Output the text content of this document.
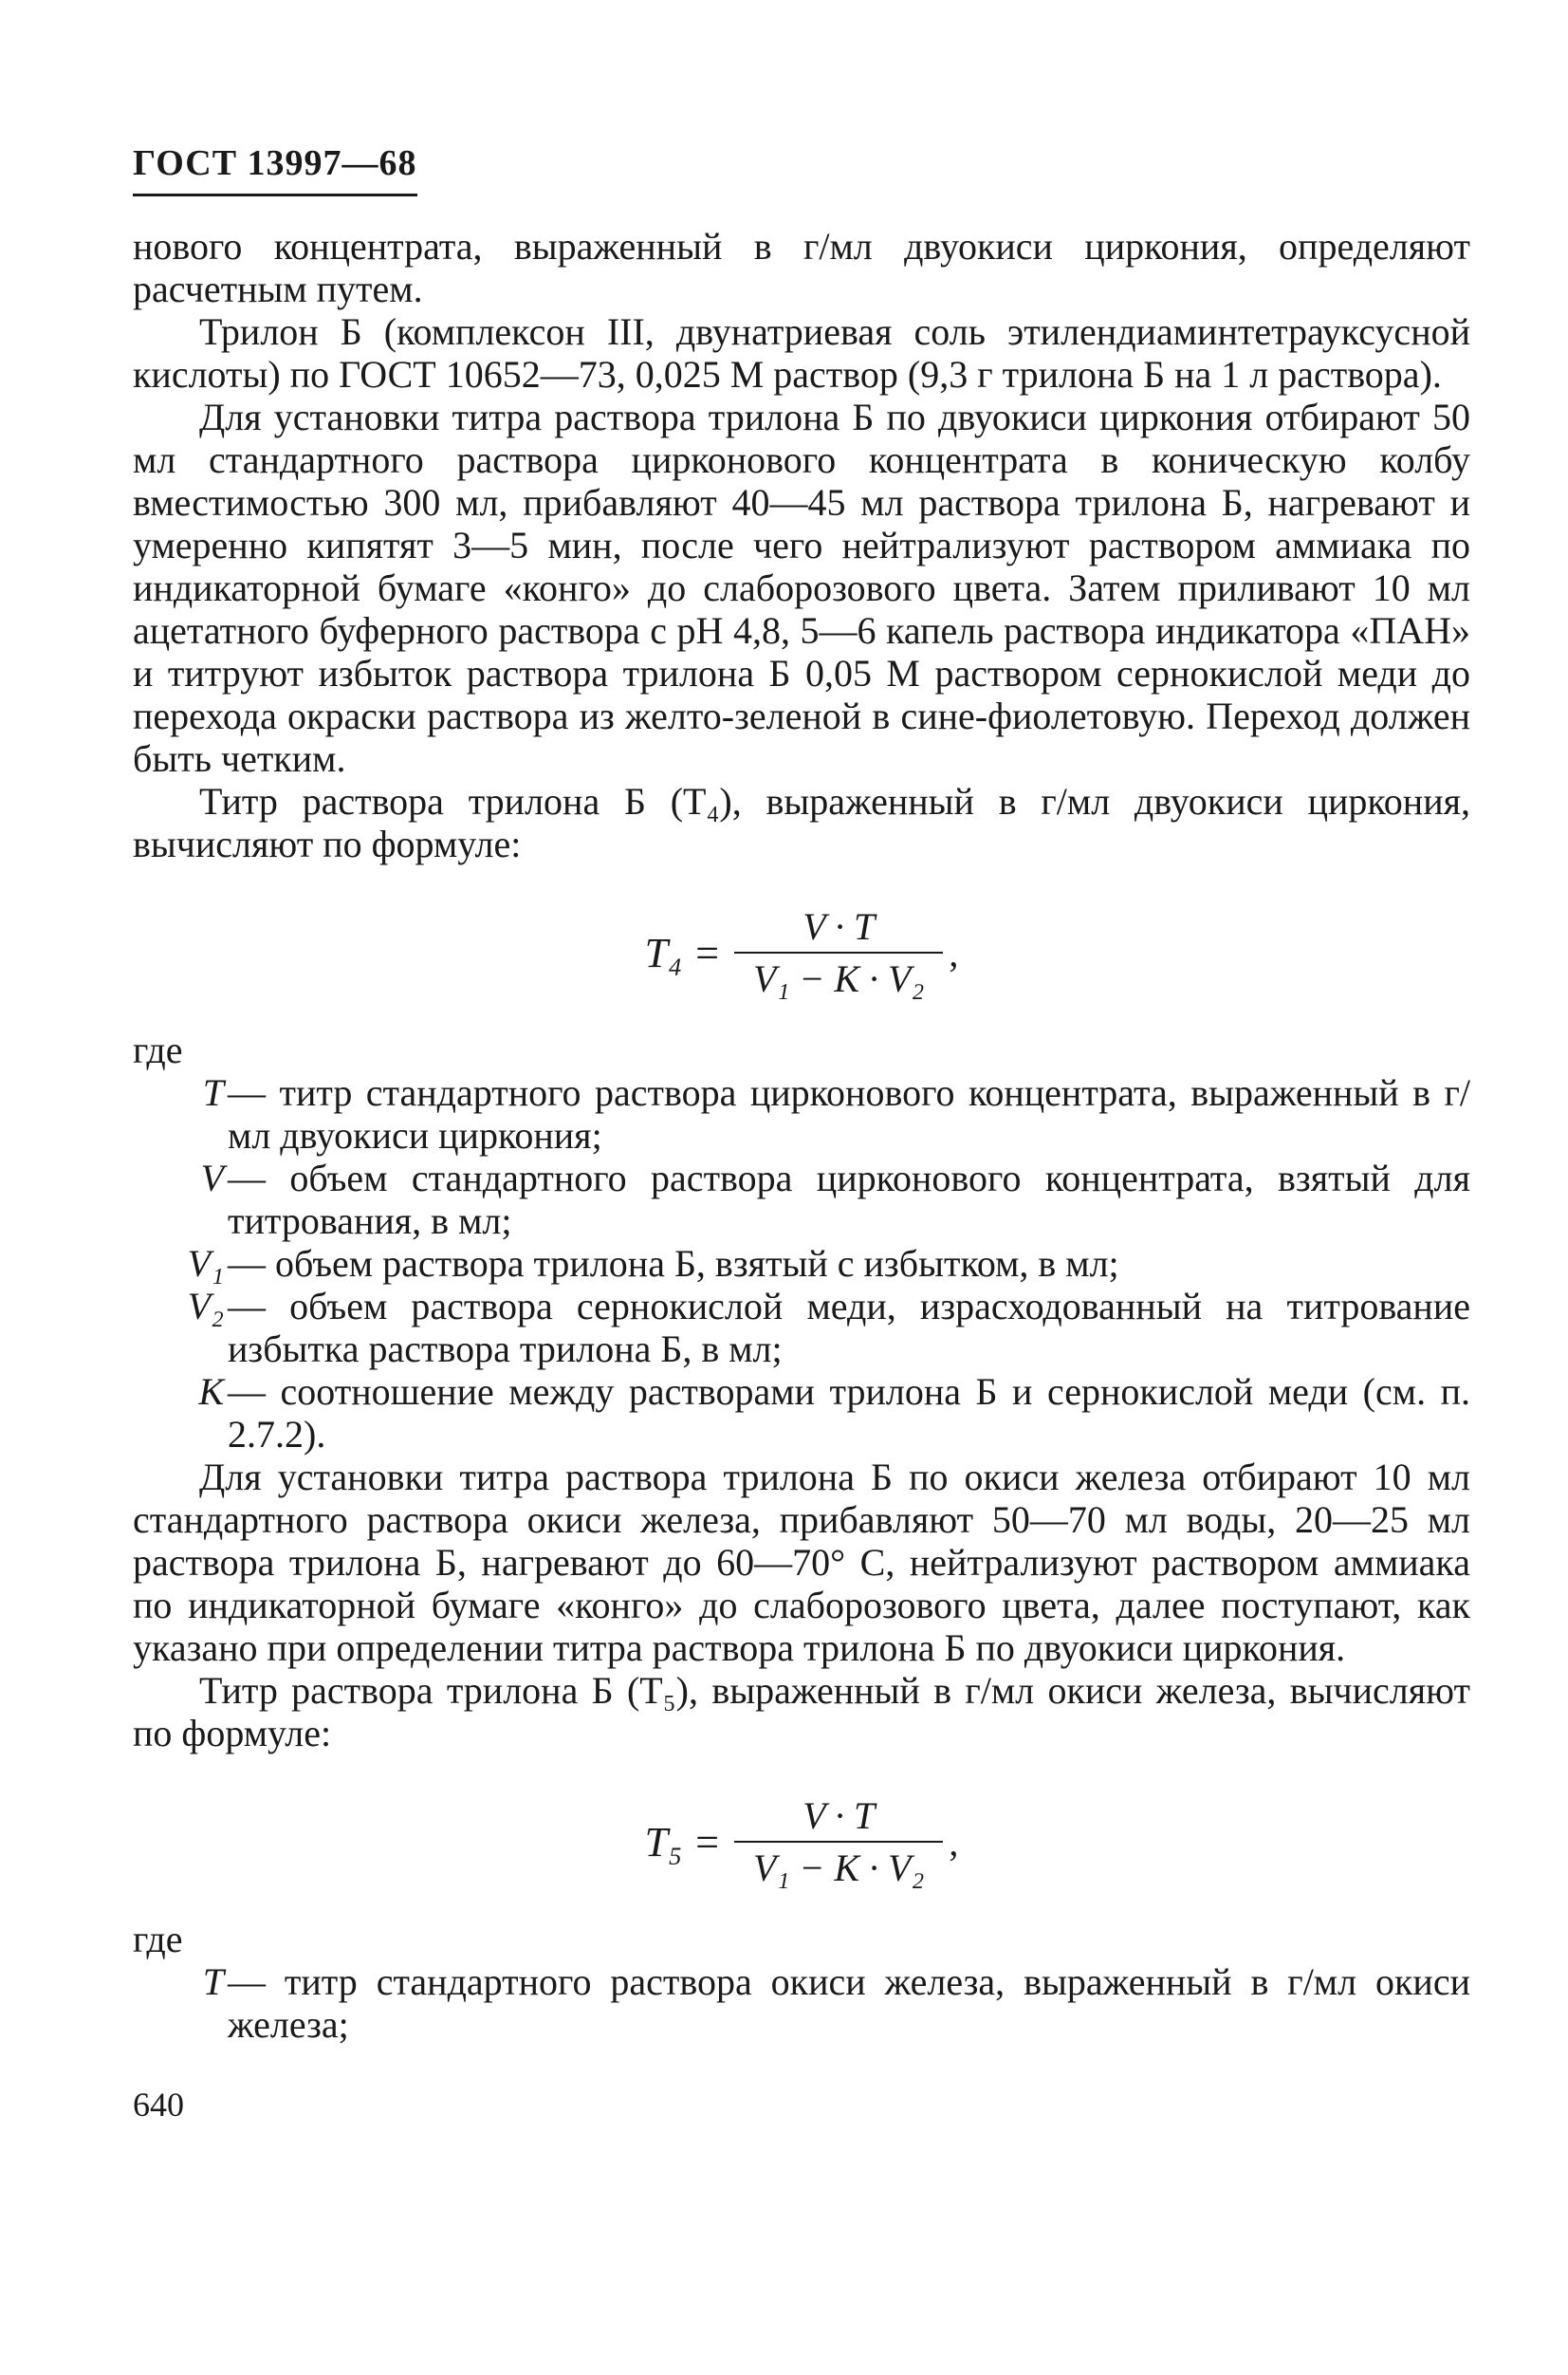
ГОСТ 13997—68

нового концентрата, выраженный в г/мл двуокиси циркония, определяют расчетным путем.

Трилон Б (комплексон III, двунатриевая соль этилендиаминтетрауксусной кислоты) по ГОСТ 10652—73, 0,025 М раствор (9,3 г трилона Б на 1 л раствора).

Для установки титра раствора трилона Б по двуокиси циркония отбирают 50 мл стандартного раствора цирконового концентрата в коническую колбу вместимостью 300 мл, прибавляют 40—45 мл раствора трилона Б, нагревают и умеренно кипятят 3—5 мин, после чего нейтрализуют раствором аммиака по индикаторной бумаге «конго» до слаборозового цвета. Затем приливают 10 мл ацетатного буферного раствора с pH 4,8, 5—6 капель раствора индикатора «ПАН» и титруют избыток раствора трилона Б 0,05 М раствором сернокислой меди до перехода окраски раствора из желто-зеленой в сине-фиолетовую. Переход должен быть четким.

Титр раствора трилона Б (T₄), выраженный в г/мл двуокиси циркония, вычисляют по формуле:

$T_4 = \frac{V \cdot T}{\text{V₁ − K · V₂}}$ ,

где

T — титр стандартного раствора цирконового концентрата, выраженный в г/мл двуокиси циркония;
V — объем стандартного раствора цирконового концентрата, взятый для титрования, в мл;
V₁ — объем раствора трилона Б, взятый с избытком, в мл;
V₂ — объем раствора сернокислой меди, израсходованный на титрование избытка раствора трилона Б, в мл;
K — соотношение между растворами трилона Б и сернокислой меди (см. п. 2.7.2).

Для установки титра раствора трилона Б по окиси железа отбирают 10 мл стандартного раствора окиси железа, прибавляют 50—70 мл воды, 20—25 мл раствора трилона Б, нагревают до 60—70° С, нейтрализуют раствором аммиака по индикаторной бумаге «конго» до слаборозового цвета, далее поступают, как указано при определении титра раствора трилона Б по двуокиси циркония.

Титр раствора трилона Б (T₅), выраженный в г/мл окиси железа, вычисляют по формуле:

$T_5 = \frac{V \cdot T}{\text{V₁ − K · V₂}}$ ,

где

T — титр стандартного раствора окиси железа, выраженный в г/мл окиси железа;
640
